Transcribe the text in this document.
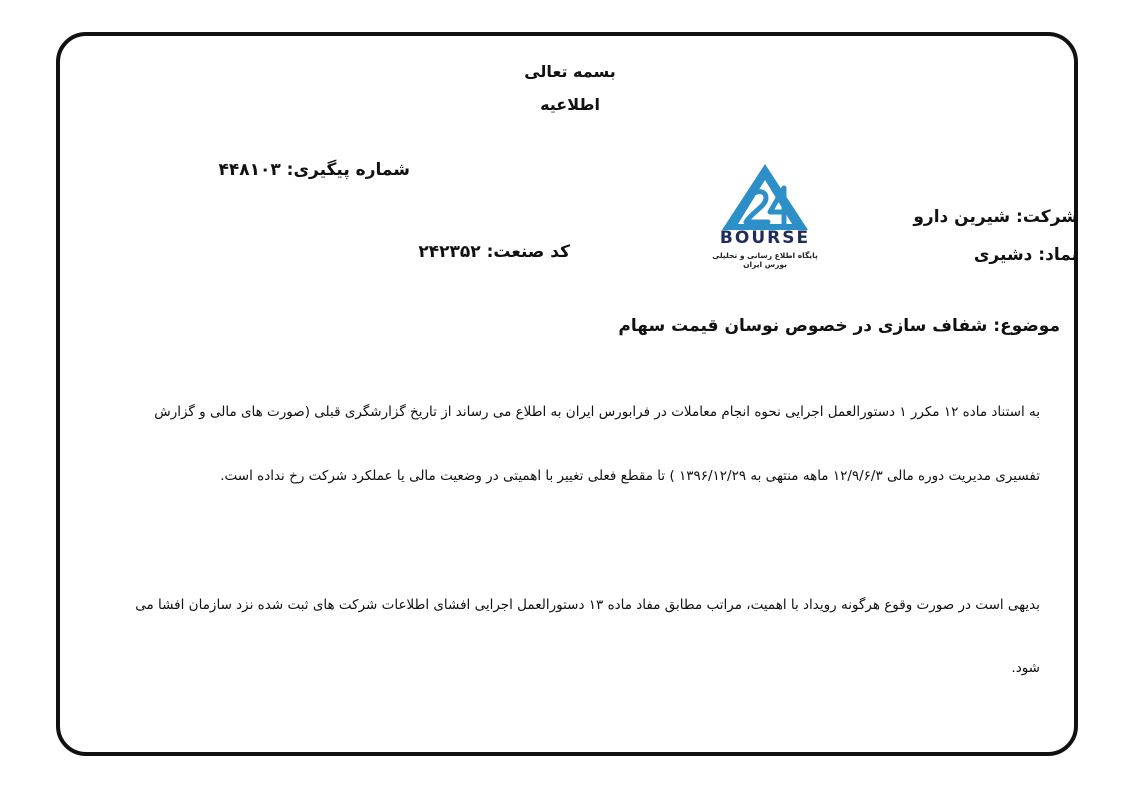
بسمه تعالی
اطلاعیه
شماره پیگیری: ۴۴۸۱۰۳
کد صنعت: ۲۴۲۳۵۲
شرکت: شیرین دارو
نماد: دشیری
BOURSE
پایگاه اطلاع رسانی و تحلیلی بورس ایران
موضوع: شفاف سازی در خصوص نوسان قیمت سهام
به استناد ماده ۱۲ مکرر ۱ دستورالعمل اجرایی نحوه انجام معاملات در فرابورس ایران به اطلاع می رساند از تاریخ گزارشگری قبلی (صورت های مالی و گزارش
تفسیری مدیریت دوره مالی ۱۲/۹/۶/۳ ماهه منتهی به ۱۳۹۶/۱۲/۲۹ ) تا مقطع فعلی تغییر با اهمیتی در وضعیت مالی یا عملکرد شرکت رخ نداده است.
بدیهی است در صورت وقوع هرگونه رویداد با اهمیت، مراتب مطابق مفاد ماده ۱۳ دستورالعمل اجرایی افشای اطلاعات شرکت های ثبت شده نزد سازمان افشا می
شود.
